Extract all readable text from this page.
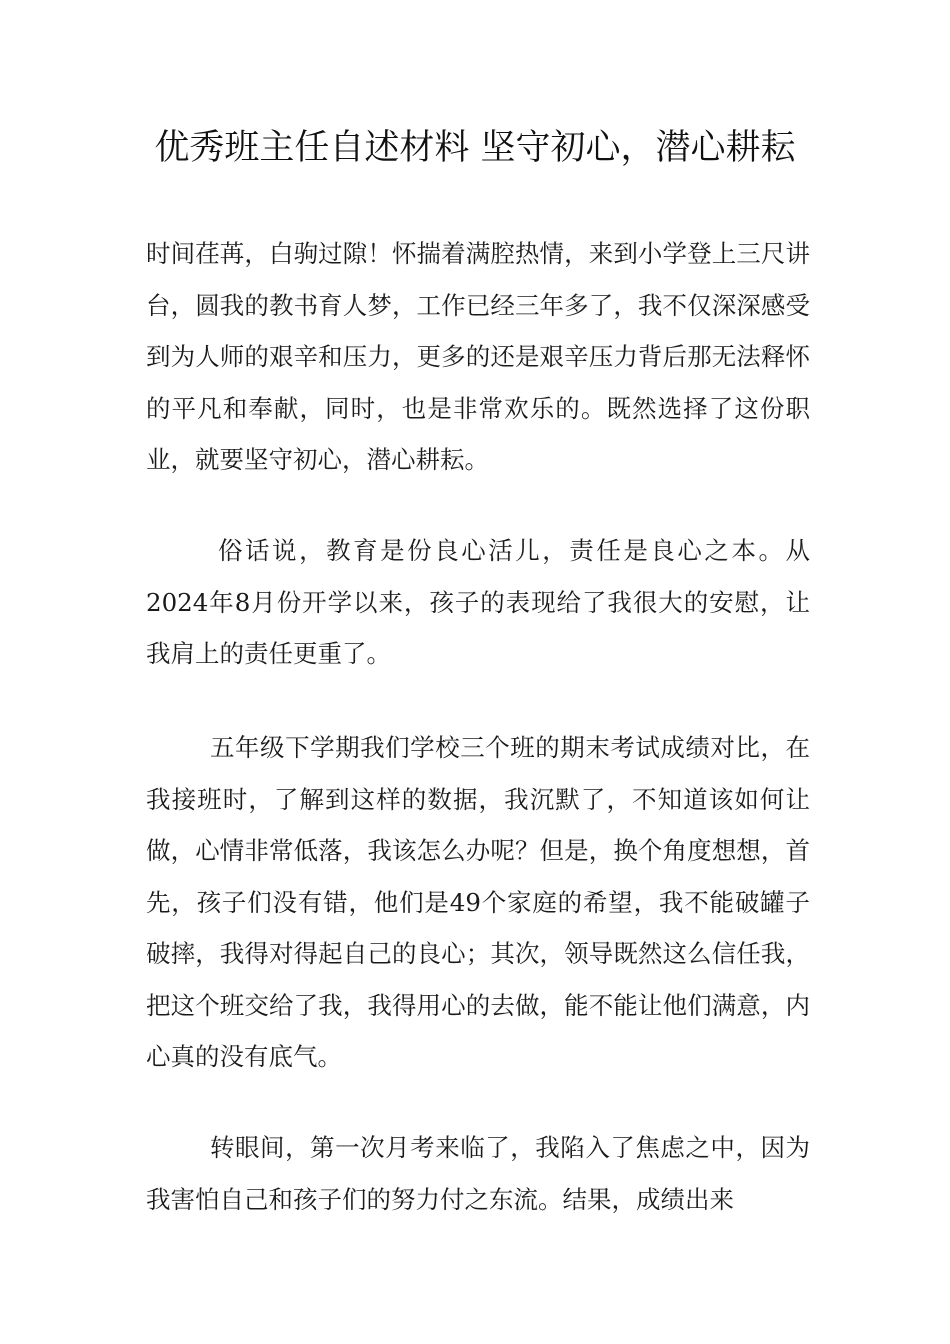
优秀班主任自述材料 坚守初心，潜心耕耘

时间荏苒，白驹过隙！怀揣着满腔热情，来到小学登上三尺讲台，圆我的教书育人梦，工作已经三年多了，我不仅深深感受到为人师的艰辛和压力，更多的还是艰辛压力背后那无法释怀的平凡和奉献，同时，也是非常欢乐的。既然选择了这份职业，就要坚守初心，潜心耕耘。

俗话说，教育是份良心活儿，责任是良心之本。从2024年8月份开学以来，孩子的表现给了我很大的安慰，让我肩上的责任更重了。

五年级下学期我们学校三个班的期末考试成绩对比，在我接班时，了解到这样的数据，我沉默了，不知道该如何让做，心情非常低落，我该怎么办呢？但是，换个角度想想，首先，孩子们没有错，他们是49个家庭的希望，我不能破罐子破摔，我得对得起自己的良心；其次，领导既然这么信任我，把这个班交给了我，我得用心的去做，能不能让他们满意，内心真的没有底气。

转眼间，第一次月考来临了，我陷入了焦虑之中，因为我害怕自己和孩子们的努力付之东流。结果，成绩出来
